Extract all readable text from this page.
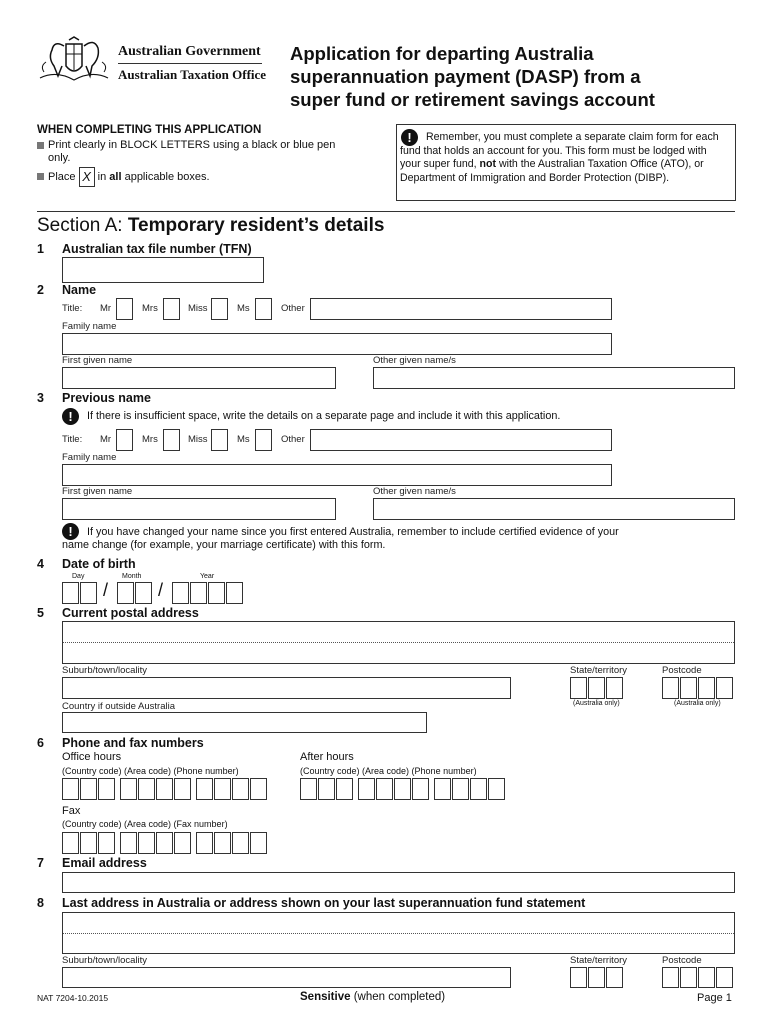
Australian Government
Australian Taxation Office
Application for departing Australia
superannuation payment (DASP) from a
super fund or retirement savings account
WHEN COMPLETING THIS APPLICATION
Print clearly in BLOCK LETTERS using a black or blue pen only.
Place X in all applicable boxes.
!	Remember, you must complete a separate claim form for each fund that holds an account for you. This form must be lodged with your super fund, not with the Australian Taxation Office (ATO), or Department of Immigration and Border Protection (DIBP).
Section A: Temporary resident’s details
1 Australian tax file number (TFN)
2 Name
Title: Mr	Mrs	Miss	Ms	Other
Family name
First given name	Other given name/s
3 Previous name
!	If there is insufficient space, write the details on a separate page and include it with this application.
Title: Mr	Mrs	Miss	Ms	Other
Family name
First given name	Other given name/s
!	If you have changed your name since you first entered Australia, remember to include certified evidence of your
name change (for example, your marriage certificate) with this form.
4 Date of birth
Day	Month	Year
/	/
5 Current postal address
Suburb/town/locality	State/territory	Postcode
(Australia only)	(Australia only)
Country if outside Australia
6 Phone and fax numbers
Office hours
(Country code) (Area code) (Phone number)
After hours
(Country code) (Area code) (Phone number)
Fax
(Country code) (Area code) (Fax number)
7 Email address
8 Last address in Australia or address shown on your last superannuation fund statement
Suburb/town/locality	State/territory	Postcode
NAT 7204-10.2015	Sensitive (when completed)	Page 1
